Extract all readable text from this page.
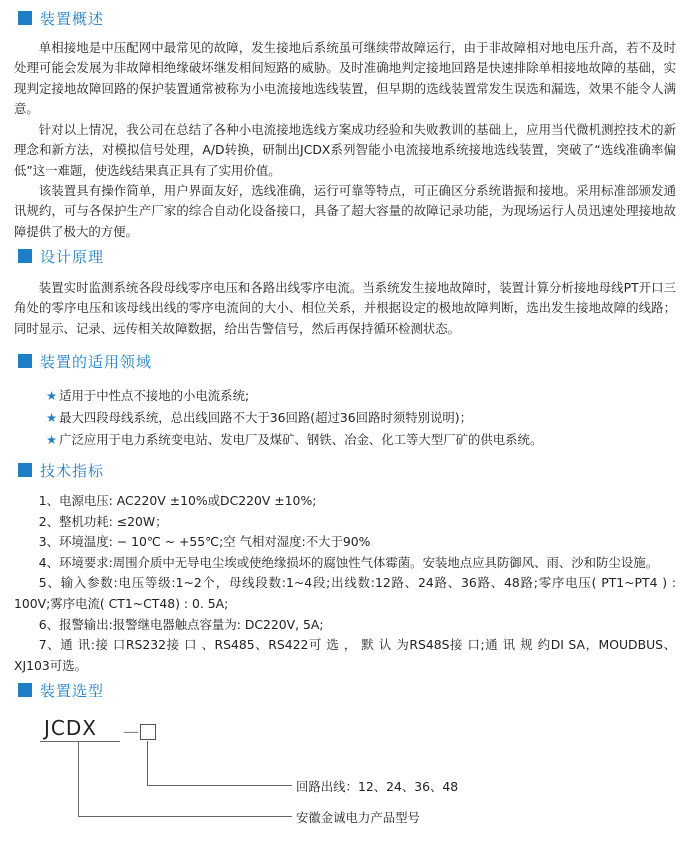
装置概述

单相接地是中压配网中最常见的故障，发生接地后系统虽可继续带故障运行，由于非故障相对地电压升高，若不及时处理可能会发展为非故障相绝缘破坏继发相间短路的威胁。及时准确地判定接地回路是快速排除单相接地故障的基础，实现判定接地故障回路的保护装置通常被称为小电流接地选线装置，但早期的选线装置常发生误选和漏选，效果不能令人满意。

针对以上情况，我公司在总结了各种小电流接地选线方案成功经验和失败教训的基础上，应用当代微机测控技术的新理念和新方法，对模拟信号处理，A/D转换，研制出JCDX系列智能小电流接地系统接地选线装置，突破了“选线准确率偏低”这一难题，使选线结果真正具有了实用价值。

该装置具有操作简单，用户界面友好，选线准确，运行可靠等特点，可正确区分系统谐振和接地。采用标准部颁发通讯规约，可与各保护生产厂家的综合自动化设备接口，具备了超大容量的故障记录功能，为现场运行人员迅速处理接地故障提供了极大的方便。

设计原理

装置实时监测系统各段母线零序电压和各路出线零序电流。当系统发生接地故障时，装置计算分析接地母线PT开口三角处的零序电压和该母线出线的零序电流间的大小、相位关系，并根据设定的极地故障判断，选出发生接地故障的线路；同时显示、记录、远传相关故障数据，给出告警信号，然后再保持循环检测状态。

装置的适用领域
★ 适用于中性点不接地的小电流系统;
★ 最大四段母线系统，总出线回路不大于36回路(超过36回路时须特别说明)；
★ 广泛应用于电力系统变电站、发电厂及煤矿、钢铁、冶金、化工等大型厂矿的供电系统。
技术指标

1、电源电压: AC220V ±10%或DC220V ±10%;

2、整机功耗: ≤20W；

3、环境温度: − 10℃ ~ +55℃;空 气相对湿度:不大于90%

4、环境要求:周围介质中无导电尘埃或使绝缘损坏的腐蚀性气体霉菌。安装地点应具防御风、雨、沙和防尘设施。

5、输入参数:电压等级:1~2个，母线段数:1~4段;出线数:12路、24路、36路、48路;零序电压( PT1~PT4 ) : 100V;雾序电流( CT1~CT48) : 0. 5A;

6、报警输出:报警继电器触点容量为: DC220V, 5A;

7、通 讯:接 口RS232接 口 、RS485、RS422可 选 ， 默 认 为RS48S接 口;通 讯 规 约DI SA，MOUDBUS、XJ103可选。

装置选型
JCDX —
回路出线：12、24、36、48
安徽金诚电力产品型号
